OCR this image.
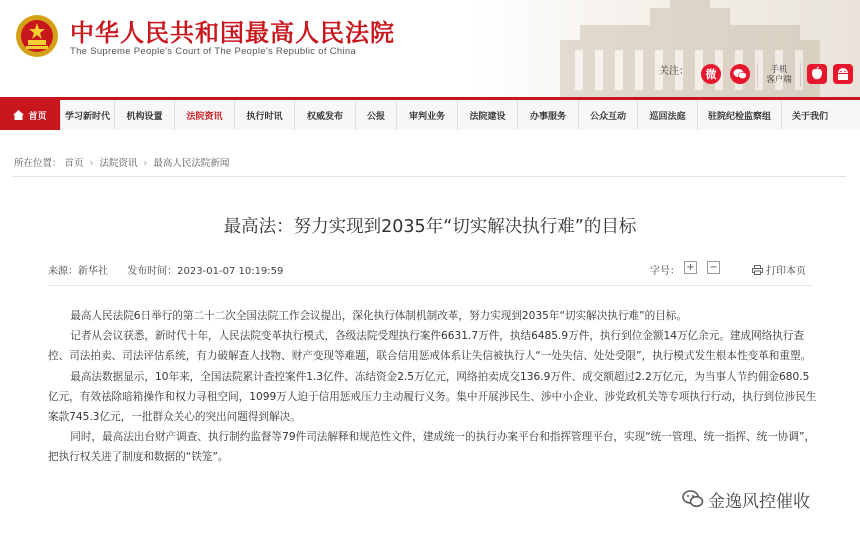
中华人民共和国最高人民法院
The Supreme People's Court of The People's Republic of China
关注：	微	手机
客户端
首页	学习新时代	机构设置	法院资讯	执行时讯	权威发布	公报	审判业务	法院建设	办事服务	公众互动	巡回法庭	驻院纪检监察组	关于我们
所在位置： 首页 › 法院资讯 › 最高人民法院新闻
最高法：努力实现到2035年“切实解决执行难”的目标
来源：新华社 发布时间：2023-01-07 10:19:59	字号： + −	打印本页

最高人民法院6日举行的第二十二次全国法院工作会议提出，深化执行体制机制改革，努力实现到2035年“切实解决执行难”的目标。

记者从会议获悉，新时代十年，人民法院变革执行模式，各级法院受理执行案件6631.7万件，执结6485.9万件，执行到位金额14万亿余元。建成网络执行查控、司法拍卖、司法评估系统，有力破解查人找物、财产变现等难题，联合信用惩戒体系让失信被执行人“一处失信、处处受限”，执行模式发生根本性变革和重塑。

最高法数据显示，10年来，全国法院累计查控案件1.3亿件、冻结资金2.5万亿元，网络拍卖成交136.9万件、成交额超过2.2万亿元，为当事人节约佣金680.5亿元，有效祛除暗箱操作和权力寻租空间，1099万人迫于信用惩戒压力主动履行义务。集中开展涉民生、涉中小企业、涉党政机关等专项执行行动，执行到位涉民生案款745.3亿元，一批群众关心的突出问题得到解决。

同时，最高法出台财产调查、执行制约监督等79件司法解释和规范性文件，建成统一的执行办案平台和指挥管理平台，实现“统一管理、统一指挥、统一协调”，把执行权关进了制度和数据的“铁笼”。

金逸风控催收
